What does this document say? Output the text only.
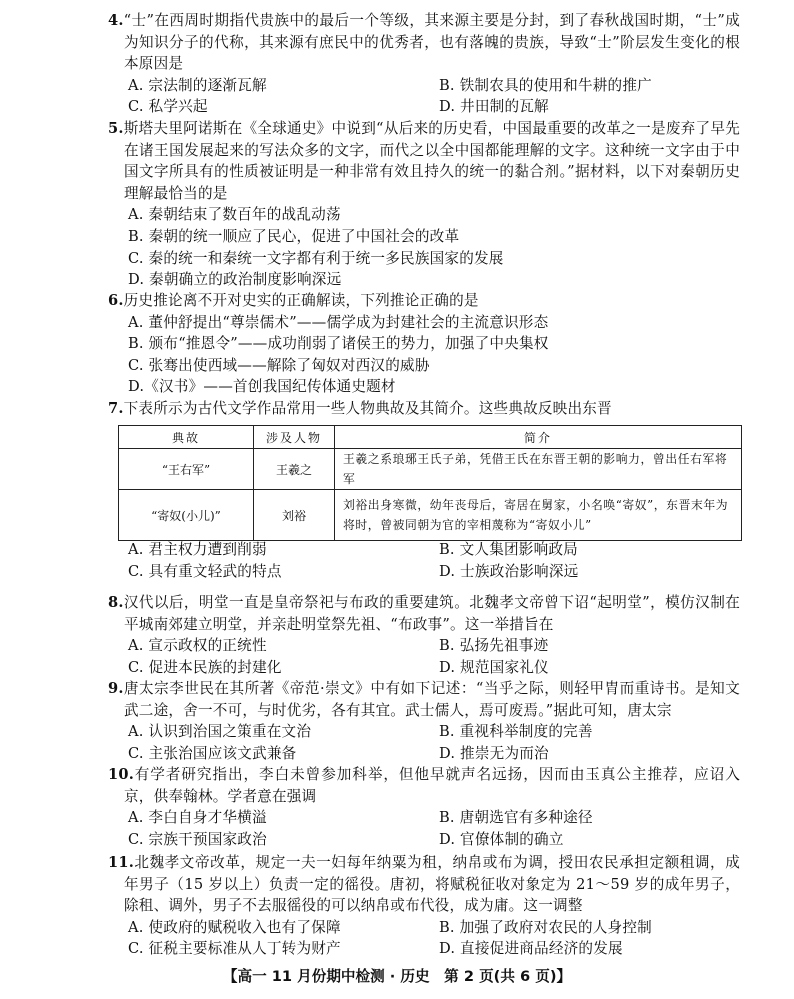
4.“士”在西周时期指代贵族中的最后一个等级，其来源主要是分封，到了春秋战国时期，“士”成为知识分子的代称，其来源有庶民中的优秀者，也有落魄的贵族，导致“士”阶层发生变化的根本原因是
A. 宗法制的逐渐瓦解	B. 铁制农具的使用和牛耕的推广
C. 私学兴起	D. 井田制的瓦解
5.斯塔夫里阿诺斯在《全球通史》中说到“从后来的历史看，中国最重要的改革之一是废弃了早先在诸王国发展起来的写法众多的文字，而代之以全中国都能理解的文字。这种统一文字由于中国文字所具有的性质被证明是一种非常有效且持久的统一的黏合剂。”据材料，以下对秦朝历史理解最恰当的是
A. 秦朝结束了数百年的战乱动荡
B. 秦朝的统一顺应了民心，促进了中国社会的改革
C. 秦的统一和秦统一文字都有利于统一多民族国家的发展
D. 秦朝确立的政治制度影响深远
6.历史推论离不开对史实的正确解读，下列推论正确的是
A. 董仲舒提出“尊崇儒术”——儒学成为封建社会的主流意识形态
B. 颁布“推恩令”——成功削弱了诸侯王的势力，加强了中央集权
C. 张骞出使西域——解除了匈奴对西汉的威胁
D.《汉书》——首创我国纪传体通史题材
7.下表所示为古代文学作品常用一些人物典故及其简介。这些典故反映出东晋
典故	涉及人物	简介
“王右军”	王羲之	王羲之系琅琊王氏子弟，凭借王氏在东晋王朝的影响力，曾出任右军将军
“寄奴(小儿)”	刘裕	刘裕出身寒微，幼年丧母后，寄居在舅家，小名唤“寄奴”，东晋末年为将时，曾被同朝为官的宰相蔑称为“寄奴小儿”
A. 君主权力遭到削弱	B. 文人集团影响政局
C. 具有重文轻武的特点	D. 士族政治影响深远
8.汉代以后，明堂一直是皇帝祭祀与布政的重要建筑。北魏孝文帝曾下诏“起明堂”，模仿汉制在平城南郊建立明堂，并亲赴明堂祭先祖、“布政事”。这一举措旨在
A. 宣示政权的正统性	B. 弘扬先祖事迹
C. 促进本民族的封建化	D. 规范国家礼仪
9.唐太宗李世民在其所著《帝范·崇文》中有如下记述：“当乎之际，则轻甲胄而重诗书。是知文武二途，舍一不可，与时优劣，各有其宜。武士儒人，焉可废焉。”据此可知，唐太宗
A. 认识到治国之策重在文治	B. 重视科举制度的完善
C. 主张治国应该文武兼备	D. 推崇无为而治
10.有学者研究指出，李白未曾参加科举，但他早就声名远扬，因而由玉真公主推荐，应诏入京，供奉翰林。学者意在强调
A. 李白自身才华横溢	B. 唐朝选官有多种途径
C. 宗族干预国家政治	D. 官僚体制的确立
11.北魏孝文帝改革，规定一夫一妇每年纳粟为租，纳帛或布为调，授田农民承担定额租调，成年男子（15 岁以上）负责一定的徭役。唐初，将赋税征收对象定为 21～59 岁的成年男子，除租、调外，男子不去服徭役的可以纳帛或布代役，成为庸。这一调整
A. 使政府的赋税收入也有了保障	B. 加强了政府对农民的人身控制
C. 征税主要标准从人丁转为财产	D. 直接促进商品经济的发展
【高一 11 月份期中检测 · 历史　第 2 页(共 6 页)】
